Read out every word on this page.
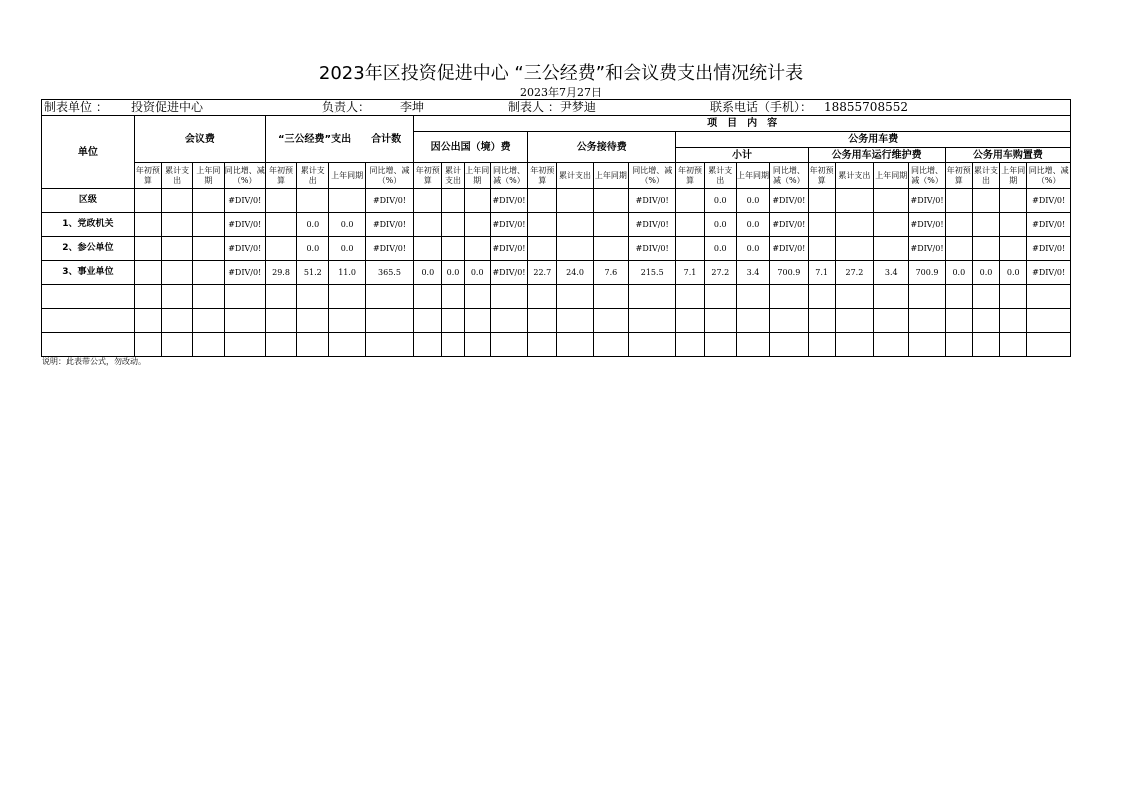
2023年区投资促进中心 “三公经费”和会议费支出情况统计表
2023年7月27日
制表单位 ： 投资促进中心	负责人： 李坤	制表人 ：尹梦迪	联系电话（手机）： 18855708552
单位	会议费				“三公经费”支出　　合计数				项　目　内　容																			
									因公出国（境）费				公务接待费				公务用车费											
																	小计				公务用车运行维护费				公务用车购置费			
	年初预算	累计支出	上年同期	同比增、减（%）	年初预算	累计支出	上年同期	同比增、减（%）	年初预算	累计支出	上年同期	同比增、减（%）	年初预算	累计支出	上年同期	同比增、减（%）	年初预算	累计支出	上年同期	同比增、减（%）	年初预算	累计支出	上年同期	同比增、减（%）	年初预算	累计支出	上年同期	同比增、减（%）
区级				#DIV/0!				#DIV/0!				#DIV/0!				#DIV/0!		0.0	0.0	#DIV/0!				#DIV/0!				#DIV/0!
1、党政机关				#DIV/0!		0.0	0.0	#DIV/0!				#DIV/0!				#DIV/0!		0.0	0.0	#DIV/0!				#DIV/0!				#DIV/0!
2、参公单位				#DIV/0!		0.0	0.0	#DIV/0!				#DIV/0!				#DIV/0!		0.0	0.0	#DIV/0!				#DIV/0!				#DIV/0!
3、事业单位				#DIV/0!	29.8	51.2	11.0	365.5	0.0	0.0	0.0	#DIV/0!	22.7	24.0	7.6	215.5	7.1	27.2	3.4	700.9	7.1	27.2	3.4	700.9	0.0	0.0	0.0	#DIV/0!

说明：此表带公式，勿改动。
